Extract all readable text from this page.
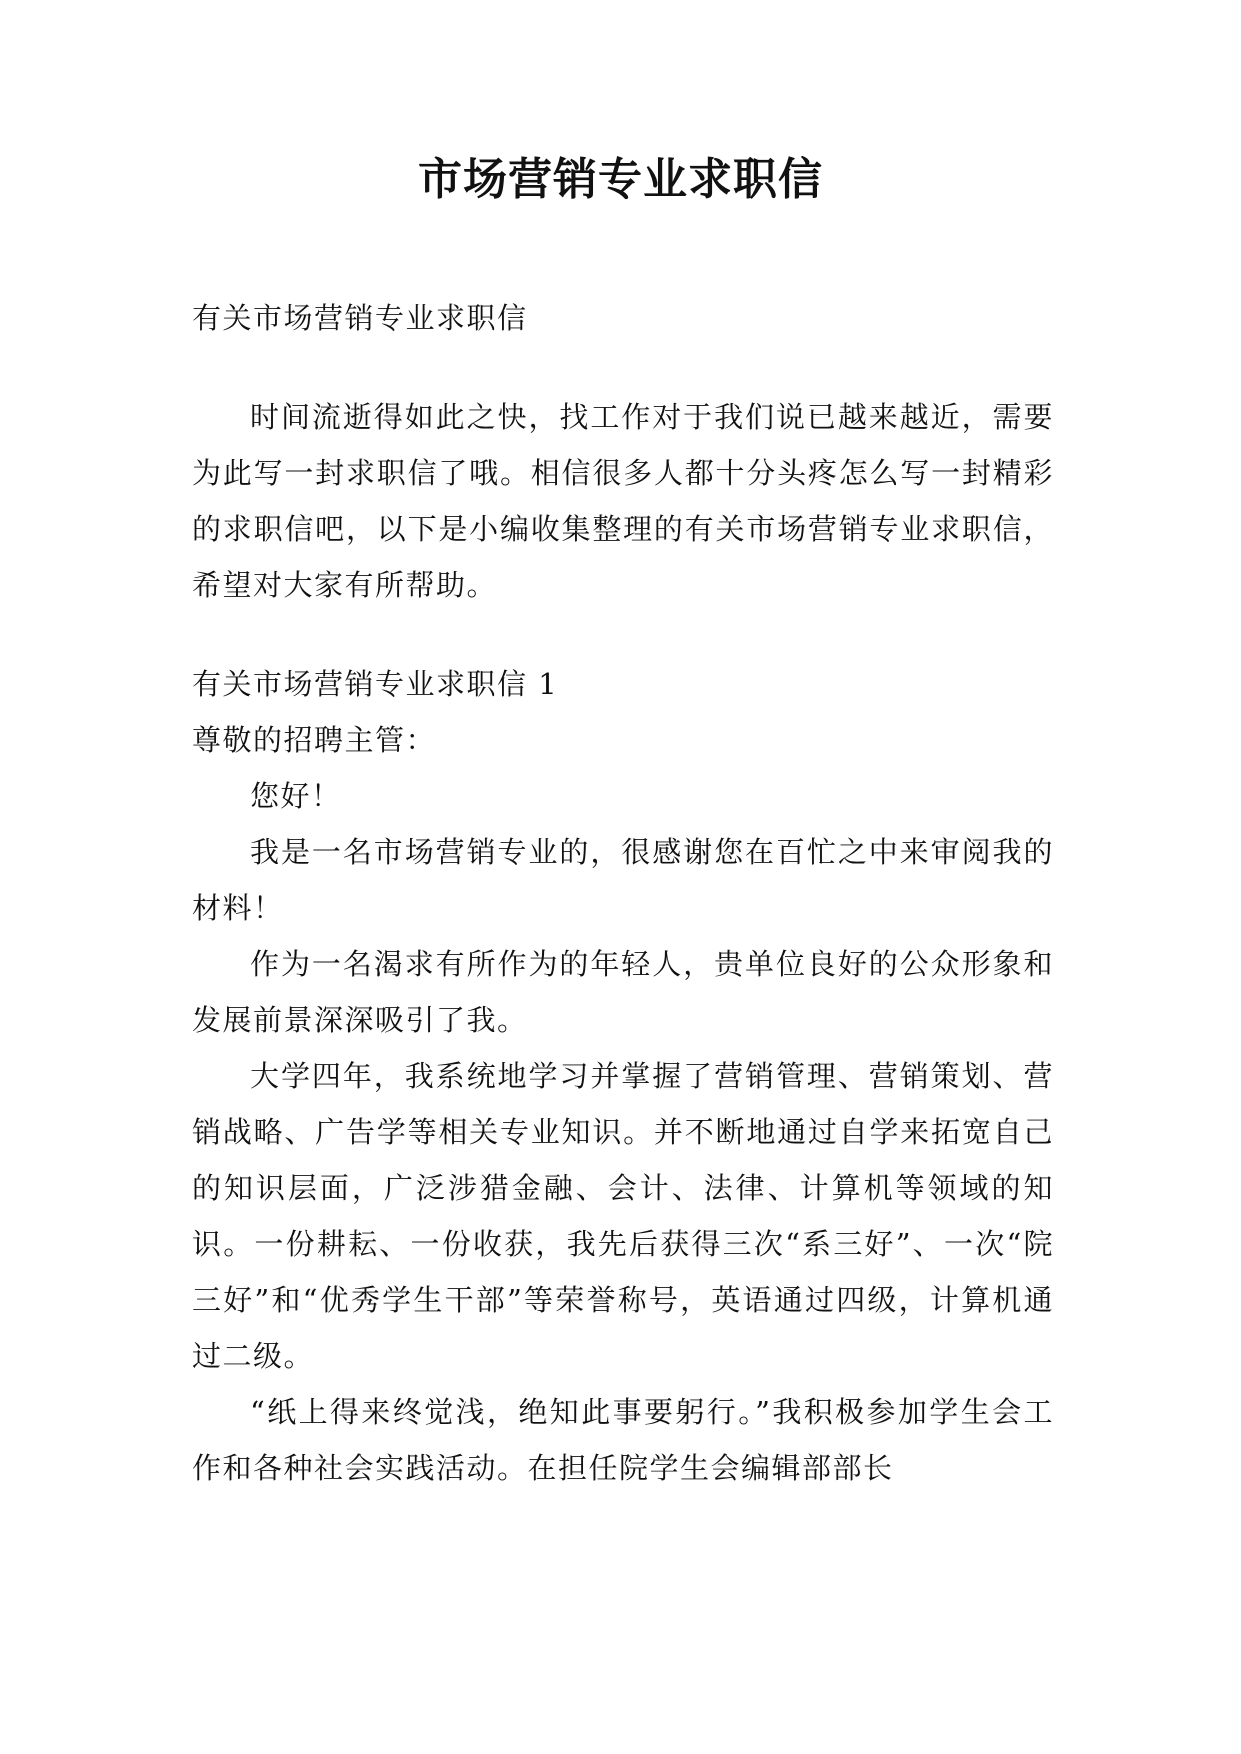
市场营销专业求职信

有关市场营销专业求职信

时间流逝得如此之快，找工作对于我们说已越来越近，需要为此写一封求职信了哦。相信很多人都十分头疼怎么写一封精彩的求职信吧，以下是小编收集整理的有关市场营销专业求职信，希望对大家有所帮助。

有关市场营销专业求职信 1

尊敬的招聘主管：

您好！

我是一名市场营销专业的，很感谢您在百忙之中来审阅我的材料！

作为一名渴求有所作为的年轻人，贵单位良好的公众形象和发展前景深深吸引了我。

大学四年，我系统地学习并掌握了营销管理、营销策划、营销战略、广告学等相关专业知识。并不断地通过自学来拓宽自己的知识层面，广泛涉猎金融、会计、法律、计算机等领域的知识。一份耕耘、一份收获，我先后获得三次“系三好”、一次“院三好”和“优秀学生干部”等荣誉称号，英语通过四级，计算机通过二级。

“纸上得来终觉浅，绝知此事要躬行。”我积极参加学生会工作和各种社会实践活动。在担任院学生会编辑部部长
